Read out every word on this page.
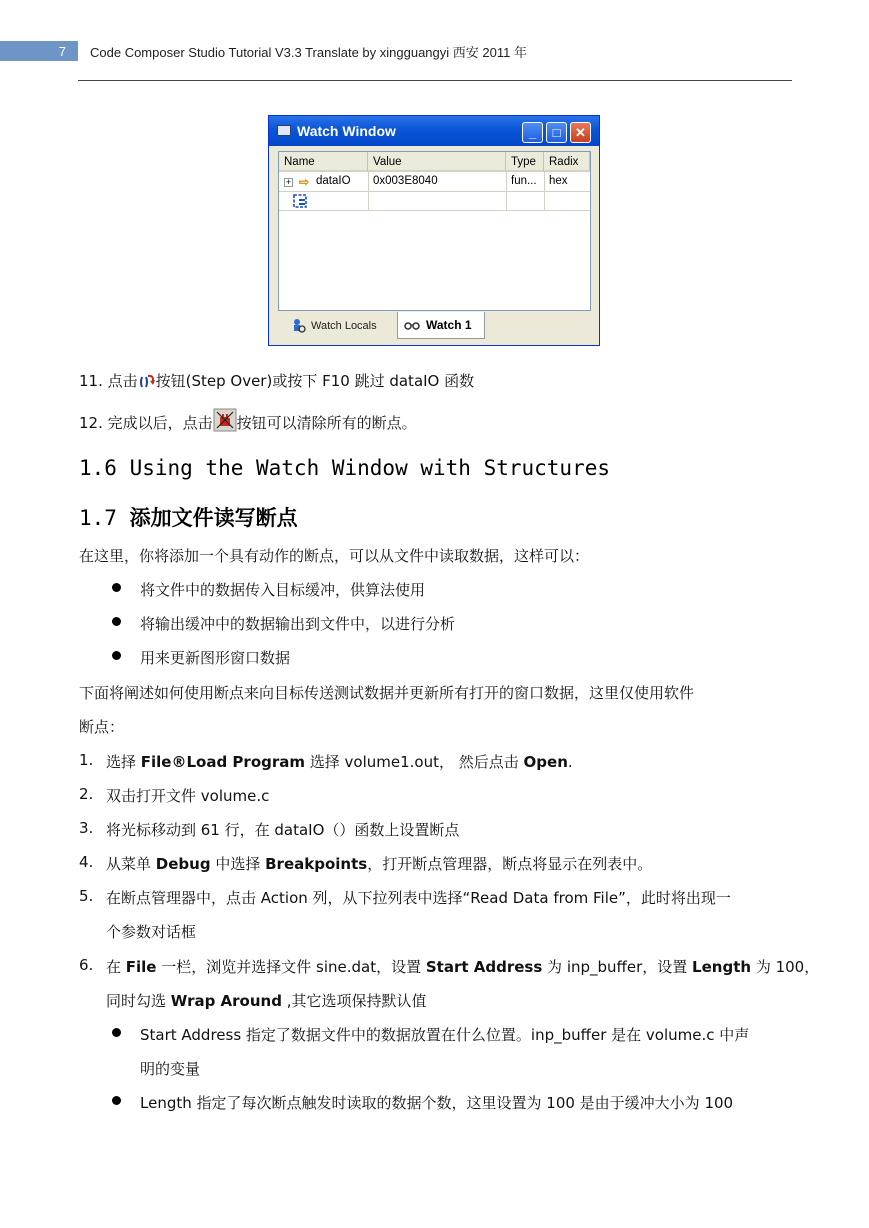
7	Code Composer Studio Tutorial V3.3 Translate by xingguangyi 西安 2011 年
Watch Window	_	□	✕
Name	Value	Type	Radix
+ ⇨ dataIO	0x003E8040	fun...	hex
Watch Locals	Watch 1
11. 点击 按钮(Step Over)或按下 F10 跳过 dataIO 函数
12. 完成以后，点击 按钮可以清除所有的断点。
1.6 Using the Watch Window with Structures
1.7 添加文件读写断点
在这里，你将添加一个具有动作的断点，可以从文件中读取数据，这样可以：
将文件中的数据传入目标缓冲，供算法使用
将输出缓冲中的数据输出到文件中，以进行分析
用来更新图形窗口数据
下面将阐述如何使用断点来向目标传送测试数据并更新所有打开的窗口数据，这里仅使用软件
断点：
1. 选择 File®Load Program 选择 volume1.out， 然后点击 Open.
2. 双击打开文件 volume.c
3. 将光标移动到 61 行，在 dataIO（）函数上设置断点
4. 从菜单 Debug 中选择 Breakpoints，打开断点管理器，断点将显示在列表中。
5. 在断点管理器中，点击 Action 列，从下拉列表中选择“Read Data from File”，此时将出现一
个参数对话框
6. 在 File 一栏，浏览并选择文件 sine.dat，设置 Start Address 为 inp_buffer，设置 Length 为 100，
同时勾选 Wrap Around ,其它选项保持默认值
Start Address 指定了数据文件中的数据放置在什么位置。inp_buffer 是在 volume.c 中声
明的变量
Length 指定了每次断点触发时读取的数据个数，这里设置为 100 是由于缓冲大小为 100
